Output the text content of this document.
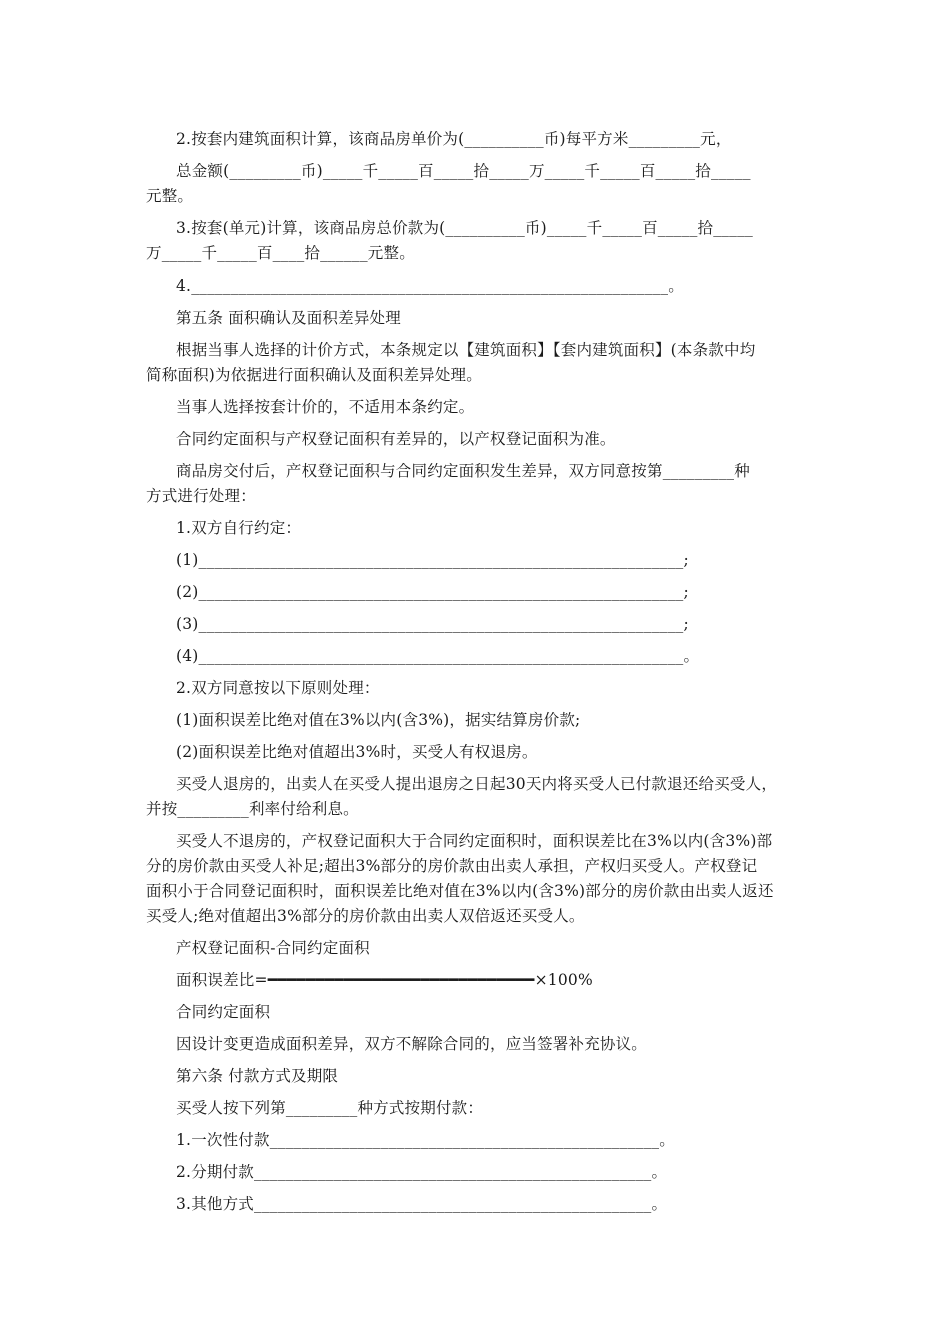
2.按套内建筑面积计算，该商品房单价为(__________币)每平方米_________元，
总金额(_________币)_____千_____百_____拾_____万_____千_____百_____拾_____
元整。
3.按套(单元)计算，该商品房总价款为(__________币)_____千_____百_____拾_____
万_____千_____百____拾______元整。
4.____________________________________________________________。
第五条 面积确认及面积差异处理
根据当事人选择的计价方式，本条规定以【建筑面积】【套内建筑面积】(本条款中均
简称面积)为依据进行面积确认及面积差异处理。
当事人选择按套计价的，不适用本条约定。
合同约定面积与产权登记面积有差异的，以产权登记面积为准。
商品房交付后，产权登记面积与合同约定面积发生差异，双方同意按第_________种
方式进行处理：
1.双方自行约定：
(1)_____________________________________________________________;
(2)_____________________________________________________________;
(3)_____________________________________________________________;
(4)_____________________________________________________________。
2.双方同意按以下原则处理：
(1)面积误差比绝对值在3%以内(含3%)，据实结算房价款;
(2)面积误差比绝对值超出3%时，买受人有权退房。
买受人退房的，出卖人在买受人提出退房之日起30天内将买受人已付款退还给买受人，
并按_________利率付给利息。
买受人不退房的，产权登记面积大于合同约定面积时，面积误差比在3%以内(含3%)部
分的房价款由买受人补足;超出3%部分的房价款由出卖人承担，产权归买受人。产权登记
面积小于合同登记面积时，面积误差比绝对值在3%以内(含3%)部分的房价款由出卖人返还
买受人;绝对值超出3%部分的房价款由出卖人双倍返还买受人。
产权登记面积-合同约定面积
面积误差比=━━━━━━━━━━━━━━━━━━━━━━━━━━━━×100%
合同约定面积
因设计变更造成面积差异，双方不解除合同的，应当签署补充协议。
第六条 付款方式及期限
买受人按下列第_________种方式按期付款：
1.一次性付款_________________________________________________。
2.分期付款__________________________________________________。
3.其他方式__________________________________________________。
